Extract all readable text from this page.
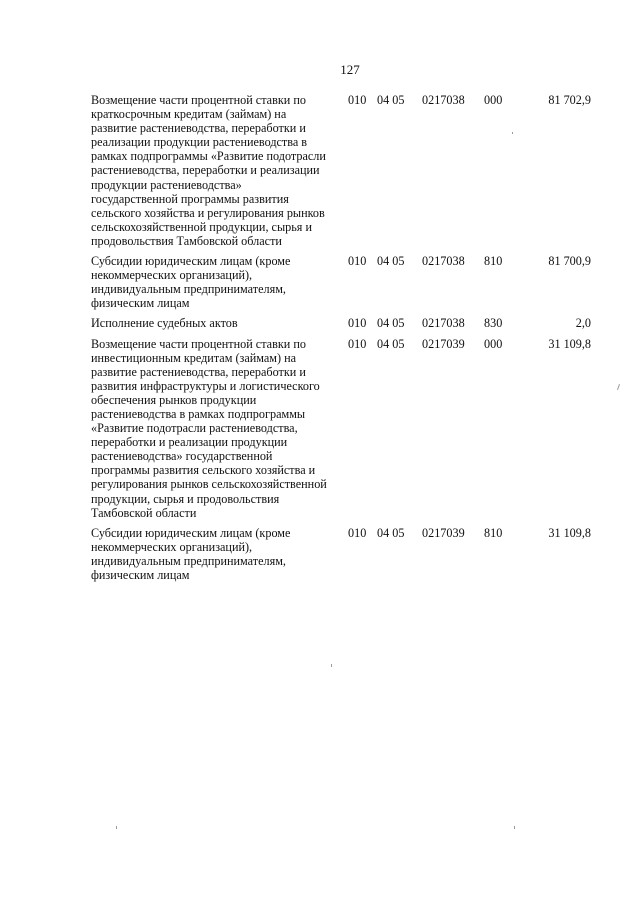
127
Возмещение части процентной ставки по краткосрочным кредитам (займам) на развитие растениеводства, переработки и реализации продукции растениеводства в рамках подпрограммы «Развитие подотрасли растениеводства, переработки и реализации продукции растениеводства» государственной программы развития сельского хозяйства и регулирования рынков сельскохозяйственной продукции, сырья и продовольствия Тамбовской области	010	04 05	0217038	000	81 702,9
Субсидии юридическим лицам (кроме некоммерческих организаций), индивидуальным предпринимателям, физическим лицам	010	04 05	0217038	810	81 700,9
Исполнение судебных актов	010	04 05	0217038	830	2,0
Возмещение части процентной ставки по инвестиционным кредитам (займам) на развитие растениеводства, переработки и развития инфраструктуры и логистического обеспечения рынков продукции растениеводства в рамках подпрограммы «Развитие подотрасли растениеводства, переработки и реализации продукции растениеводства» государственной программы развития сельского хозяйства и регулирования рынков сельскохозяйственной продукции, сырья и продовольствия Тамбовской области	010	04 05	0217039	000	31 109,8
Субсидии юридическим лицам (кроме некоммерческих организаций), индивидуальным предпринимателям, физическим лицам	010	04 05	0217039	810	31 109,8
